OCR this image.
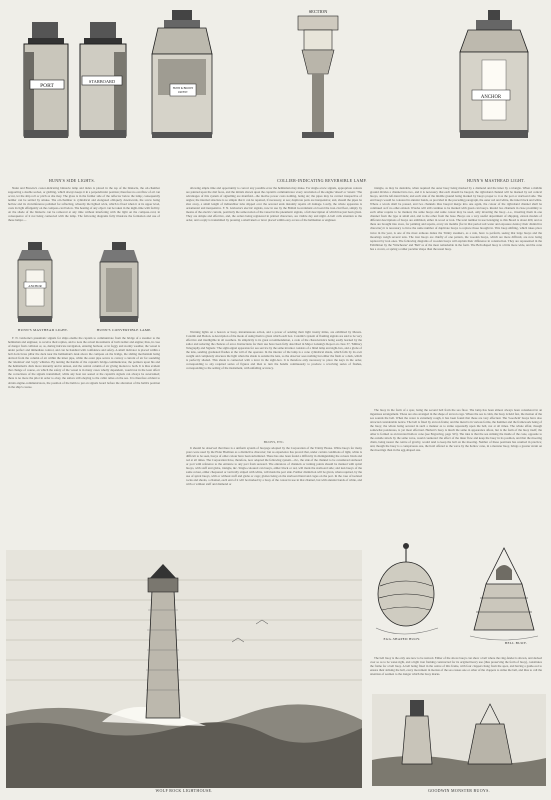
PORT
STARBOARD
HUNN & BROWN
PATENT
SECTION
ANCHOR
HUNN'S SIDE LIGHTS.	COLLIER-INDICATING REVERSIBLE LAMP.	HUNN'S MASTHEAD LIGHT.

Nunn and Browne's coster-indicating binnacle lamp and index is placed in the top of the binnacle, the oil-chamber supporting a double socket, or girdling, which always keeps it in a perpendicular position; therefore no overflow of oil can occur, let the ship roll or pitch as she may. The glass is in the further side of the reflector below the lamp; consequently neither can be settled by smoke. The oil-chamber is cylindrical and elongated obliquely downwards, the screw being hollow and its circumference polished for reflecting, whereby the lighted wick, which is fixed when it at its upper level, casts its light effulgently on the compass-card below. The heating of any object can be taken in the night-time with facility. At the shade of the binnacle can be removed at any time without interfering with the light on the compass-card, in consequence of it not being connected with the lamp. The following diagrams fully illustrate the formation and use of these lamps:—

allowing ample time and opportunity to correct any possible error the helmsman may make. For single-screw signals, appropriate colours are painted upon the dial faces, and the initials shown upon the captain's communicator every revolution of the engine 'ahead' or 'astern.' The advantages of this system of signalling are manifold—the motive power costs nothing, being air; the pipes may be carried irrespective of angles; the internal structure is so simple that it can be repaired, if necessary, at sea; duplicate parts are inexpensive; and, should the pipes be shot away, a small length of indiarubber tube slipped over the severed ends instantly repairs all damage. Lastly, the whole apparatus is ornamental and inexpensive. F. N. Gisborne's electric signals, now in use by the British Government on board the iron-clad fleet, simply by means of the electric current, positively the same notion of the vessel in the pneumatic signals, a full description of which has just been given. They are simple and effective, and, the orders being registered in printed characters, are visible day and night. A bell calls attention to the order, and a reply is transmitted by pressing a small knob or lever placed within easy access of the helmsman or engineer.

triangle, as may be desirable, when required the outer buoy being marked by a diamond and the inner by a triangle. When a middle ground divides a channel into two, and it is necessary that each should be buoyed, the right-hand channel will be marked by red conical buoys, and the left-hand black; and each side of the middle ground being marked by buoys proper to it as the port or starboard side. The end buoys would be coloured in annular bands, as provided in the preceding paragraph, the outer red and white, the inner black and white. Where a wreck shall be passed, and two channels thus buoyed merge into one again, the colour of the right-hand channel shall be continued as if no other existed. Wrecks will still continue to be marked with green can buoys. Round two channels in close proximity to each other require to be marked, the same buoys and same colour may be used, only inverting the buoy—i.e., inverting them in one channel from the type at small end, and to the other from the base. Buoys are a very useful department of shipping, eleven models of different descriptions of buoys are exhibited, either in wood or iron. The total number in use belonging to this Board is about 400, and as there are brought into store, for painting and repairs, every six months (for in that period salt water and exposure destroy their distinctive character) it is necessary to have the same number of duplicate buoys to replace those brought in. This buoy-shifting, which takes place twice in the year, is one of the most arduous duties the Trinity steamers, as a rule, have to perform, seeing that large buoys and the moorings weigh several tons. The iron buoys are chiefly of one pattern, the wooden buoys, which are more difficult, are now being replaced by iron ones. The following diagrams of wooden buoys will explain their difference in construction. They are represented in the Exhibition by the 'Winchester' and 'Bell' as of the most remarkable in the form. The Bell-shaped buoy is a little more wide, and the cone has a crown, or spring a rather peculiar shape than the usual buoy.

ANCHOR
HUNN'S MASTHEAD LIGHT.	HUNN'S CONVERTIBLE LAMP.

F. N. Gisborne's pneumatic signals for ships enable the captain to communicate from the bridge of a steamer to the helmsman and engineer, to receive their replies, and to note the actual movements of both rudder and engine; thus, in case of danger from collision or, as, during intricate navigation, entering harbour, or in foggy and stormy weather, the vessel is under perfect and immediate control, and can be handled with confidence and safety. A small indicator is placed within a bell dock brass pillar the deck near the helmsman's desk above the compass on the bridge, the sliding mechanism being derived from the column of air within the inner pipe, while the outer pipe serves to convey a current of air for sounding the 'attention' and 'reply' whistles. By turning the handle of the captain's bridge-communicator, the pointers upon his and the helmsman's dials move instantly and in unison, and the central column of air giving motion to both. It is thus evident that change of course, on which the safety of the vessel is in many cases wholly dependent, would not in the least affect the correctness of the signals transmitted; while any boat not seated at the captain's signals can always be ascertained; there is no more the pilot in order to obey, the sailors still obeying to the cabin relies on the sea. It is therefore evident to obtain engine-communicators, the position of the helm to put on signals board before the alteration of the helm's position in the ship's course.

Warning lights on a beacon or buoy, instantaneous action, and a power of sending their light twenty miles, are exhibited by Messrs. Colomb and Bolton. A description of the mode of using them is given which each box. Colomb's system of flashing signals are said to be very effective and intelligible in all weathers. Its simplicity is its great recommendation, a code of the characteristics being easily learned by the sailor and reducing the chances of error. Instructions for their use have been fully described in Major Lansing's Report on class 37, 'Military Telegraphy and Signals.' The sight-signal apparatus for sea service by the same inventor consists of a blind lamp and sight-box, and a globe of the lens, sending graduated flashes at the will of the operator. In the interior of the lamp is a cone cylindrical shade, which falls by its own weight and completely obscures the light when the shade is outside the lens, so the observer sees nothing but either the flash or a dark, which is perfectly shaded. This shade is connected with a lever in the sight-box. It is therefore only necessary to place the keys in the order, corresponding to any required series of figures and then to turn the handle continuously to produce a revolving series of flashes, corresponding to the setting of the instrument, with unfailing accuracy.

BUOYS, ETC.

It should be observed that there is a uniform system of buoyage adopted by the Corporation of the Trinity House. White buoys for many years were used by the Elder Brethren as a distinctive character; but as experience has proved that, under certain conditions of light, white is difficult to be seen, buoys of other colour have been substituted. There has also been found a difficulty in distinguishing the colours black and red at all times. The Corporation have, therefore, now adopted the following system—viz., the side of the channel to be considered starboard or port with reference to the entrance to any port from seaward. The entrances of channels or turning points should be marked with spiral buoys, with staff and globe, triangle, &c. Single-coloured can buoys, either black or red, will mark the starboard side; and nun buoys of the same colour, either chequered or vertically striped with white, will mark the port side. Further distinction will be given, when required, by the use of spiral buoys, with or without staff and globe or cage; globes being on the starboard hand and cages on the port. In the case of isolated rocks and shoals, a channel, each end of it will be marked by a buoy of the colour in use in that channel, but with annular bands of white, and with or without staff and diamond or

The buoy in the form of a spar, being the second bell from the sea floor. The lamp has been almost always been considered in an ingenious arrangement. These are also arranged in the shape of an iron cage. Where the sea is calm, the buoy is held fast, the motion of the sea sounds the bell. When the water is extremely rough, it has been found that these are very effectual. The 'Goodwin' buoys have also attracted considerable notice. The bell is fixed by an iron frame; and the metal is in various forms, the hammer and the framework being of the buoy; the whole being secured in such a manner as to strike repeatedly upon the bell, not at all times. The whole affair, though somewhat ponderous, is yet most effectual. Herbert's buoy is much the same in appearance afloat, but is the form of the buoy itself; the other is formed as an inverted hollow cone (see Engraving, page 323). The idea is that the sea striking the inside of the cone, opposite to the outside struck by the same wave, would counteract the effect of the inner flow and keep the buoy in its position, and that the mooring chain, being nearer the centre of gravity, would tend to keep the bell on the mooring. Neither of these positions has resulted in practice; and, though the buoy is a conspicuous one, the hold offered to the wave by the hollow cone, in a monster buoy, brings a greater strain on the moorings than in the egg-shaped one.

EGG-SHAPED BUOY.
BELL BUOY.

The bell buoy is the only one now to be noticed. Either of the above buoys can show a bell where the ring-fender is shown, and decked over so as to be water-tight, and a light iron framing constructed for its original heavy use (thus preserving the form of buoy), constitutes the frame for a bell buoy. A bell being fixed in the centre of this frame, with four clappers hung from the apex, and having a guide-rod to ensure their striking the bell, every movement in motion of the sea causes one or other of the clappers to strike the bell, and thus to call the attention of seamen to the danger which the buoy marks.

WOLF ROCK LIGHTHOUSE.	GOODWIN MONSTER BUOYS.
